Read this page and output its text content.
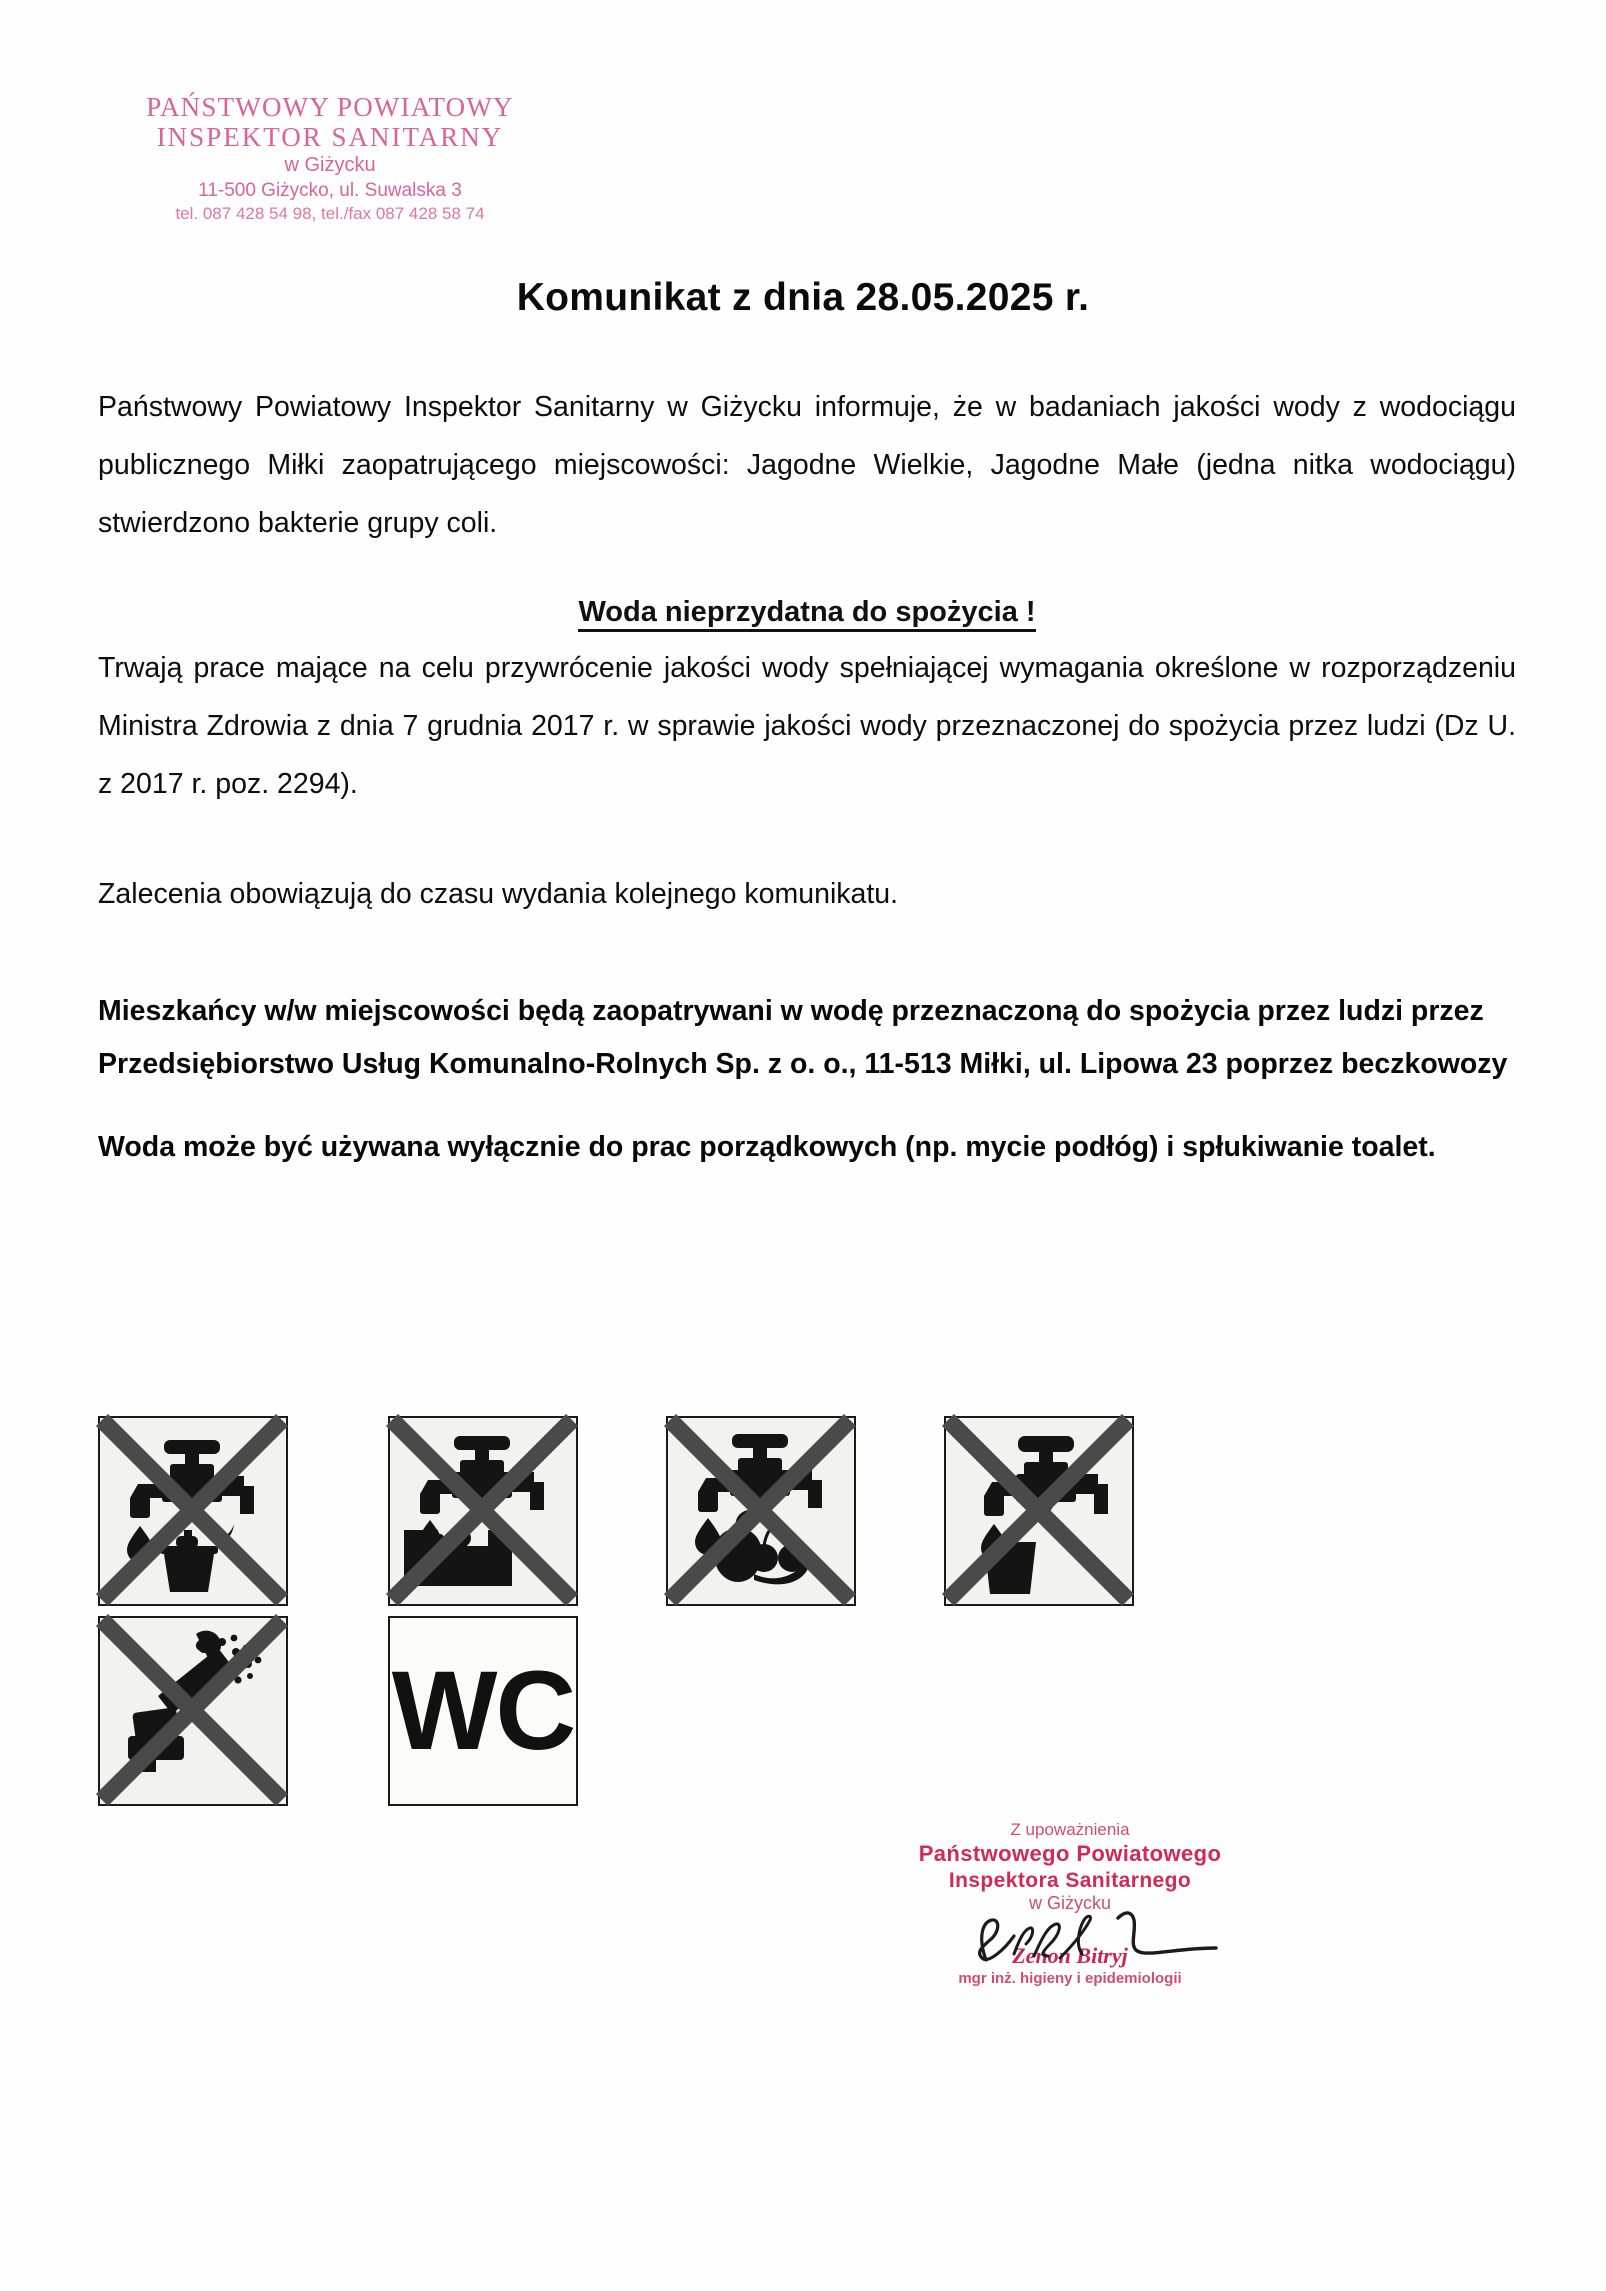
PAŃSTWOWY POWIATOWY
INSPEKTOR SANITARNY
w Giżycku
11-500 Giżycko, ul. Suwalska 3
tel. 087 428 54 98, tel./fax 087 428 58 74
Komunikat z dnia 28.05.2025 r.
Państwowy Powiatowy Inspektor Sanitarny w Giżycku informuje, że w badaniach jakości wody z wodociągu publicznego Miłki zaopatrującego miejscowości: Jagodne Wielkie, Jagodne Małe (jedna nitka wodociągu) stwierdzono bakterie grupy coli.
Woda nieprzydatna do spożycia !
Trwają prace mające na celu przywrócenie jakości wody spełniającej wymagania określone w rozporządzeniu Ministra Zdrowia z dnia 7 grudnia 2017 r. w sprawie jakości wody przeznaczonej do spożycia przez ludzi (Dz U. z 2017 r. poz. 2294).
Zalecenia obowiązują do czasu wydania kolejnego komunikatu.
Mieszkańcy w/w miejscowości będą zaopatrywani w wodę przeznaczoną do spożycia przez ludzi przez Przedsiębiorstwo Usług Komunalno-Rolnych Sp. z o. o., 11-513 Miłki, ul. Lipowa 23 poprzez beczkowozy
Woda może być używana wyłącznie do prac porządkowych (np. mycie podłóg) i spłukiwanie toalet.
WC
Z upoważnienia
Państwowego Powiatowego
Inspektora Sanitarnego
w Giżycku
Zenon Bitryj
mgr inż. higieny i epidemiologii
